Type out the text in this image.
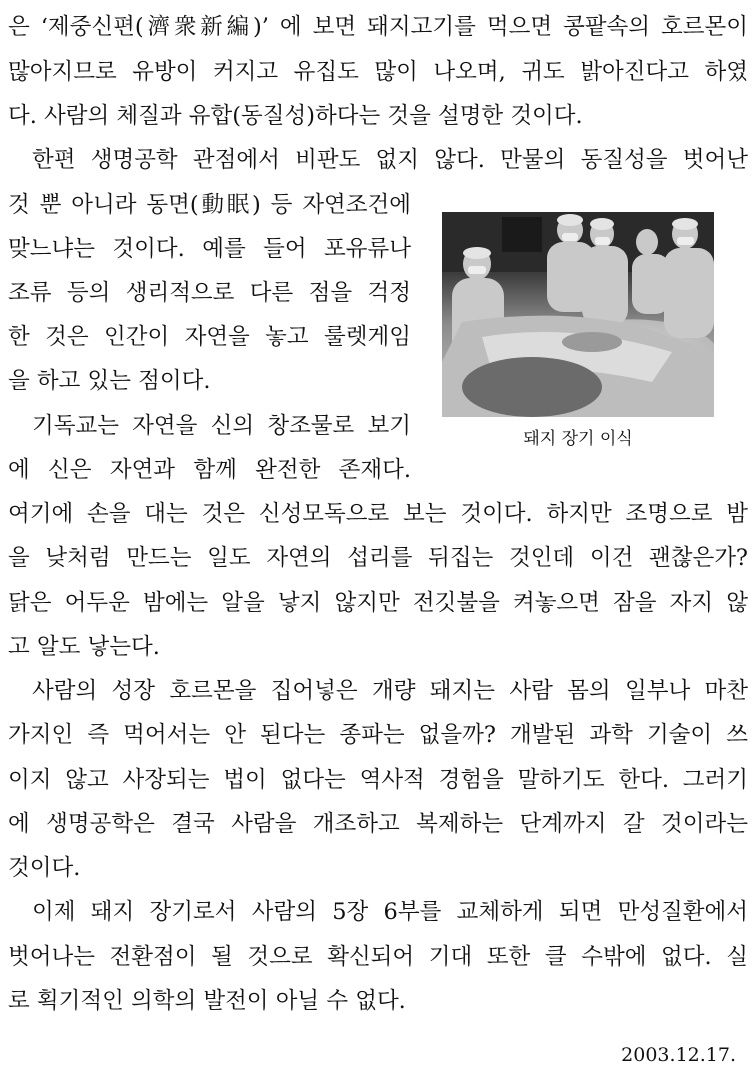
은 ‘제중신편(濟衆新編)’ 에 보면 돼지고기를 먹으면 콩팥속의 호르몬이
많아지므로 유방이 커지고 유집도 많이 나오며, 귀도 밝아진다고 하였
다. 사람의 체질과 유합(동질성)하다는 것을 설명한 것이다.
한편 생명공학 관점에서 비판도 없지 않다. 만물의 동질성을 벗어난
것 뿐 아니라 동면(動眠) 등 자연조건에
맞느냐는 것이다. 예를 들어 포유류나
조류 등의 생리적으로 다른 점을 걱정
한 것은 인간이 자연을 놓고 룰렛게임
을 하고 있는 점이다.
기독교는 자연을 신의 창조물로 보기
에 신은 자연과 함께 완전한 존재다.
여기에 손을 대는 것은 신성모독으로 보는 것이다. 하지만 조명으로 밤
을 낮처럼 만드는 일도 자연의 섭리를 뒤집는 것인데 이건 괜찮은가?
닭은 어두운 밤에는 알을 낳지 않지만 전깃불을 켜놓으면 잠을 자지 않
고 알도 낳는다.
사람의 성장 호르몬을 집어넣은 개량 돼지는 사람 몸의 일부나 마찬
가지인 즉 먹어서는 안 된다는 종파는 없을까? 개발된 과학 기술이 쓰
이지 않고 사장되는 법이 없다는 역사적 경험을 말하기도 한다. 그러기
에 생명공학은 결국 사람을 개조하고 복제하는 단계까지 갈 것이라는
것이다.
이제 돼지 장기로서 사람의 5장 6부를 교체하게 되면 만성질환에서
벗어나는 전환점이 될 것으로 확신되어 기대 또한 클 수밖에 없다. 실
로 획기적인 의학의 발전이 아닐 수 없다.
돼지 장기 이식
2003.12.17.
